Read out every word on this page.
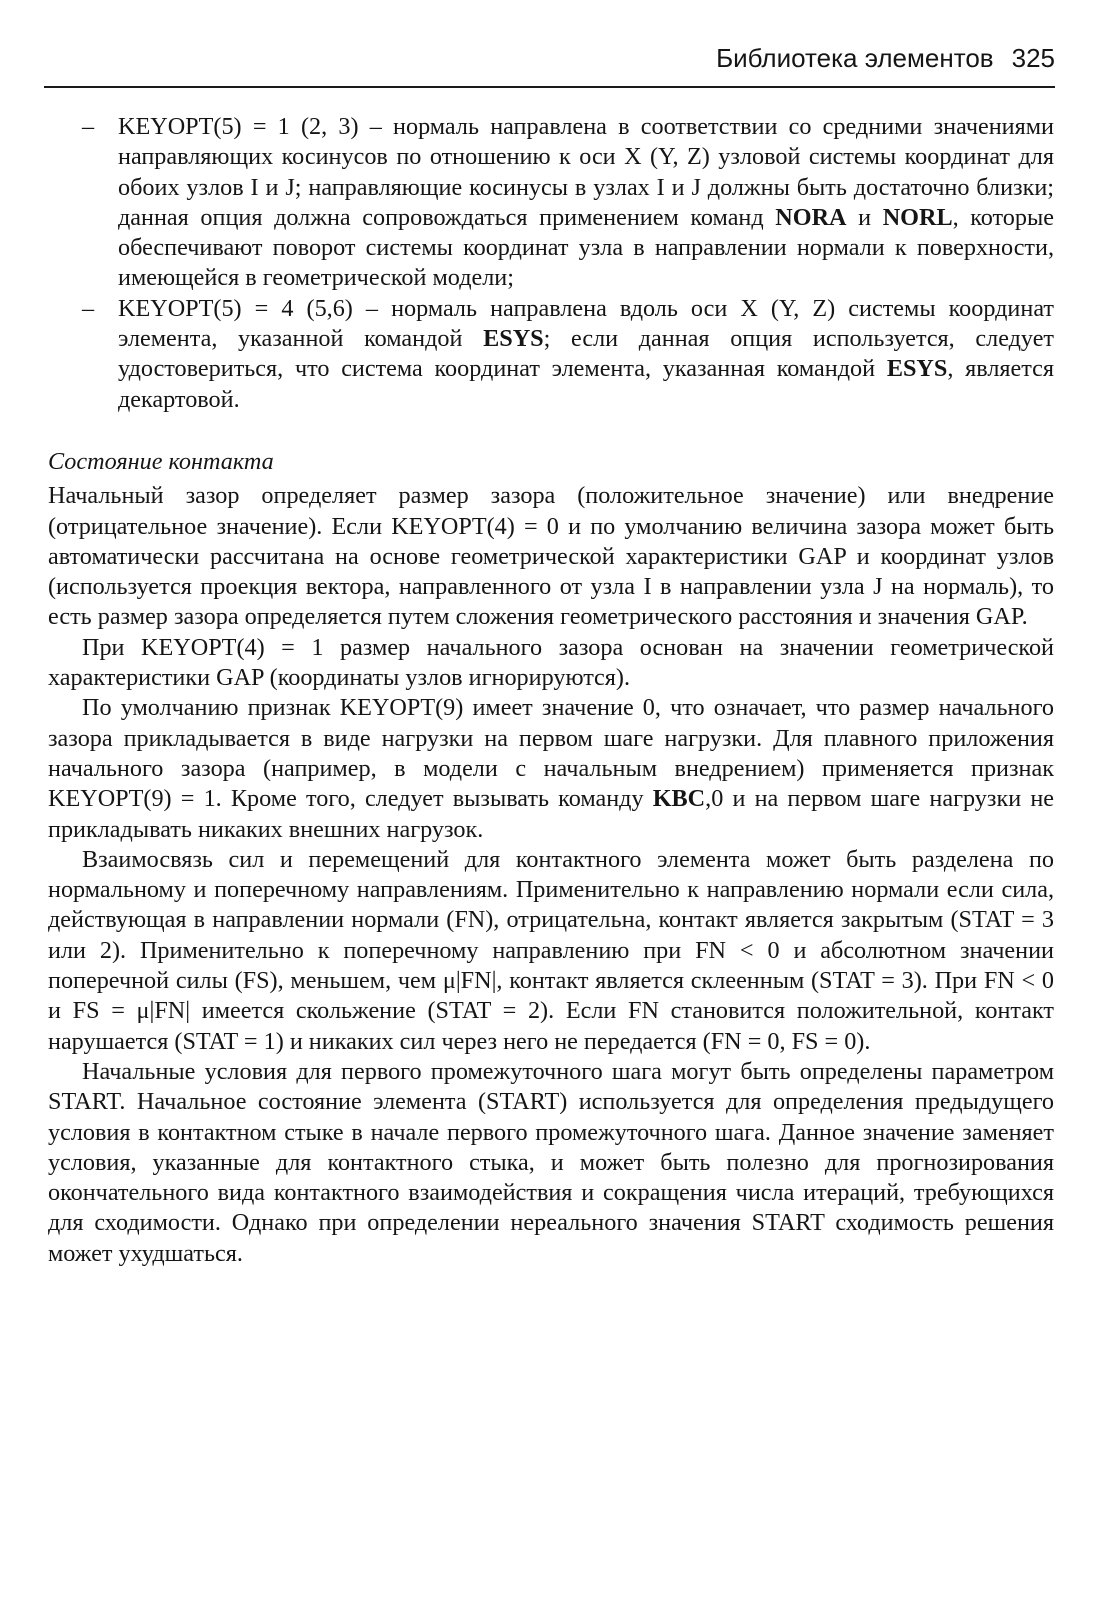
Библиотека элементов 325

– KEYOPT(5) = 1 (2, 3) – нормаль направлена в соответствии со средними значениями направляющих косинусов по отношению к оси X (Y, Z) узловой системы координат для обоих узлов I и J; направляющие косинусы в узлах I и J должны быть достаточно близки; данная опция должна сопровождаться применением команд NORA и NORL, которые обеспечивают поворот системы координат узла в направлении нормали к поверхности, имеющейся в геометрической модели;

– KEYOPT(5) = 4 (5,6) – нормаль направлена вдоль оси X (Y, Z) системы координат элемента, указанной командой ESYS; если данная опция используется, следует удостовериться, что система координат элемента, указанная командой ESYS, является декартовой.

Состояние контакта

Начальный зазор определяет размер зазора (положительное значение) или внедрение (отрицательное значение). Если KEYOPT(4) = 0 и по умолчанию величина зазора может быть автоматически рассчитана на основе геометрической характеристики GAP и координат узлов (используется проекция вектора, направленного от узла I в направлении узла J на нормаль), то есть размер зазора определяется путем сложения геометрического расстояния и значения GAP.

При KEYOPT(4) = 1 размер начального зазора основан на значении геометрической характеристики GAP (координаты узлов игнорируются).

По умолчанию признак KEYOPT(9) имеет значение 0, что означает, что размер начального зазора прикладывается в виде нагрузки на первом шаге нагрузки. Для плавного приложения начального зазора (например, в модели с начальным внедрением) применяется признак KEYOPT(9) = 1. Кроме того, следует вызывать команду KBC,0 и на первом шаге нагрузки не прикладывать никаких внешних нагрузок.

Взаимосвязь сил и перемещений для контактного элемента может быть разделена по нормальному и поперечному направлениям. Применительно к направлению нормали если сила, действующая в направлении нормали (FN), отрицательна, контакт является закрытым (STAT = 3 или 2). Применительно к поперечному направлению при FN < 0 и абсолютном значении поперечной силы (FS), меньшем, чем μ|FN|, контакт является склеенным (STAT = 3). При FN < 0 и FS = μ|FN| имеется скольжение (STAT = 2). Если FN становится положительной, контакт нарушается (STAT = 1) и никаких сил через него не передается (FN = 0, FS = 0).

Начальные условия для первого промежуточного шага могут быть определены параметром START. Начальное состояние элемента (START) используется для определения предыдущего условия в контактном стыке в начале первого промежуточного шага. Данное значение заменяет условия, указанные для контактного стыка, и может быть полезно для прогнозирования окончательного вида контактного взаимодействия и сокращения числа итераций, требующихся для сходимости. Однако при определении нереального значения START сходимость решения может ухудшаться.
